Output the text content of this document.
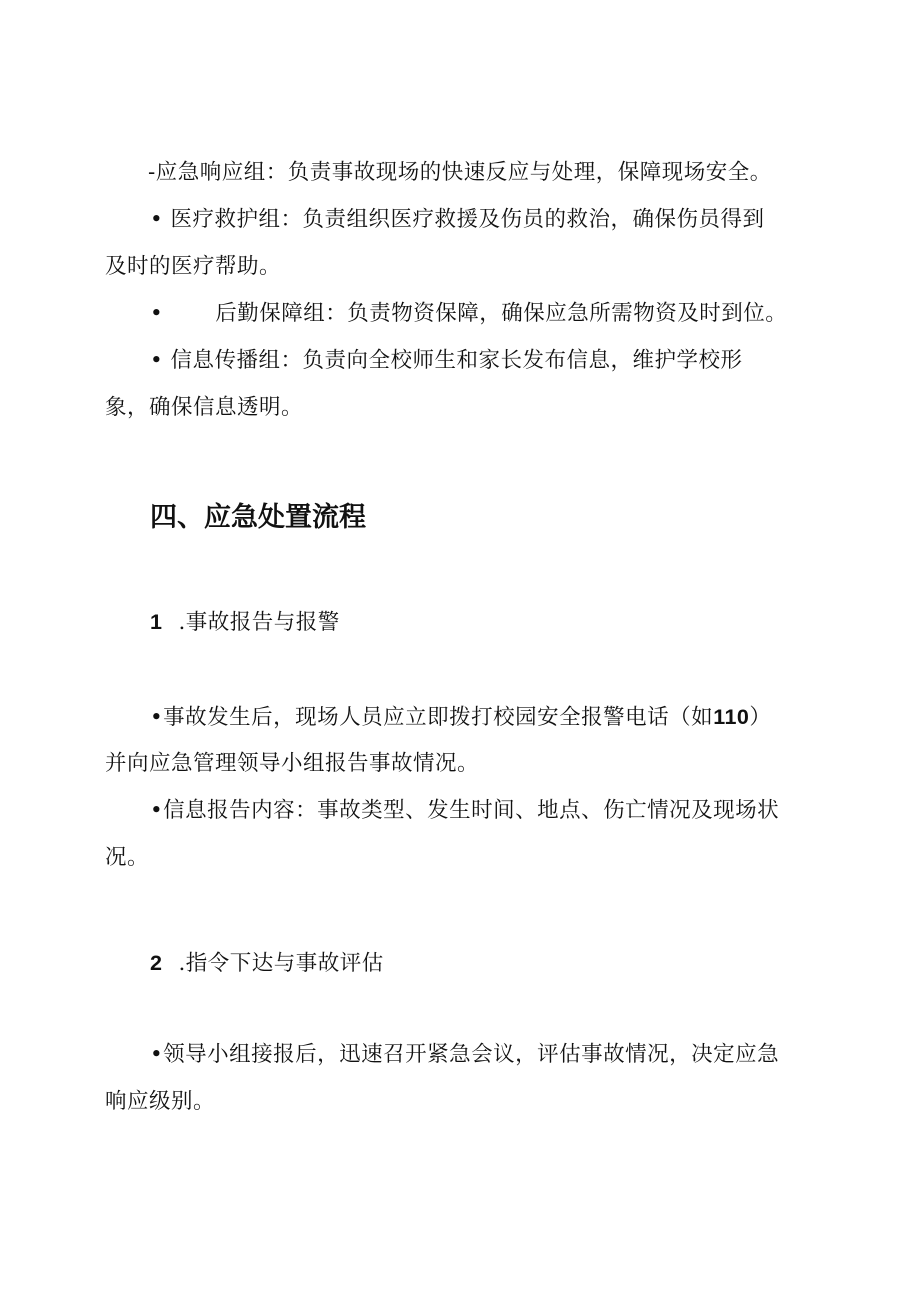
-应急响应组：负责事故现场的快速反应与处理，保障现场安全。
• 医疗救护组：负责组织医疗救援及伤员的救治，确保伤员得到
及时的医疗帮助。
• 后勤保障组：负责物资保障，确保应急所需物资及时到位。
• 信息传播组：负责向全校师生和家长发布信息，维护学校形
象，确保信息透明。
四、应急处置流程
1 .事故报告与报警
•事故发生后，现场人员应立即拨打校园安全报警电话（如110）
并向应急管理领导小组报告事故情况。
•信息报告内容：事故类型、发生时间、地点、伤亡情况及现场状
况。
2 .指令下达与事故评估
•领导小组接报后，迅速召开紧急会议，评估事故情况，决定应急
响应级别。
